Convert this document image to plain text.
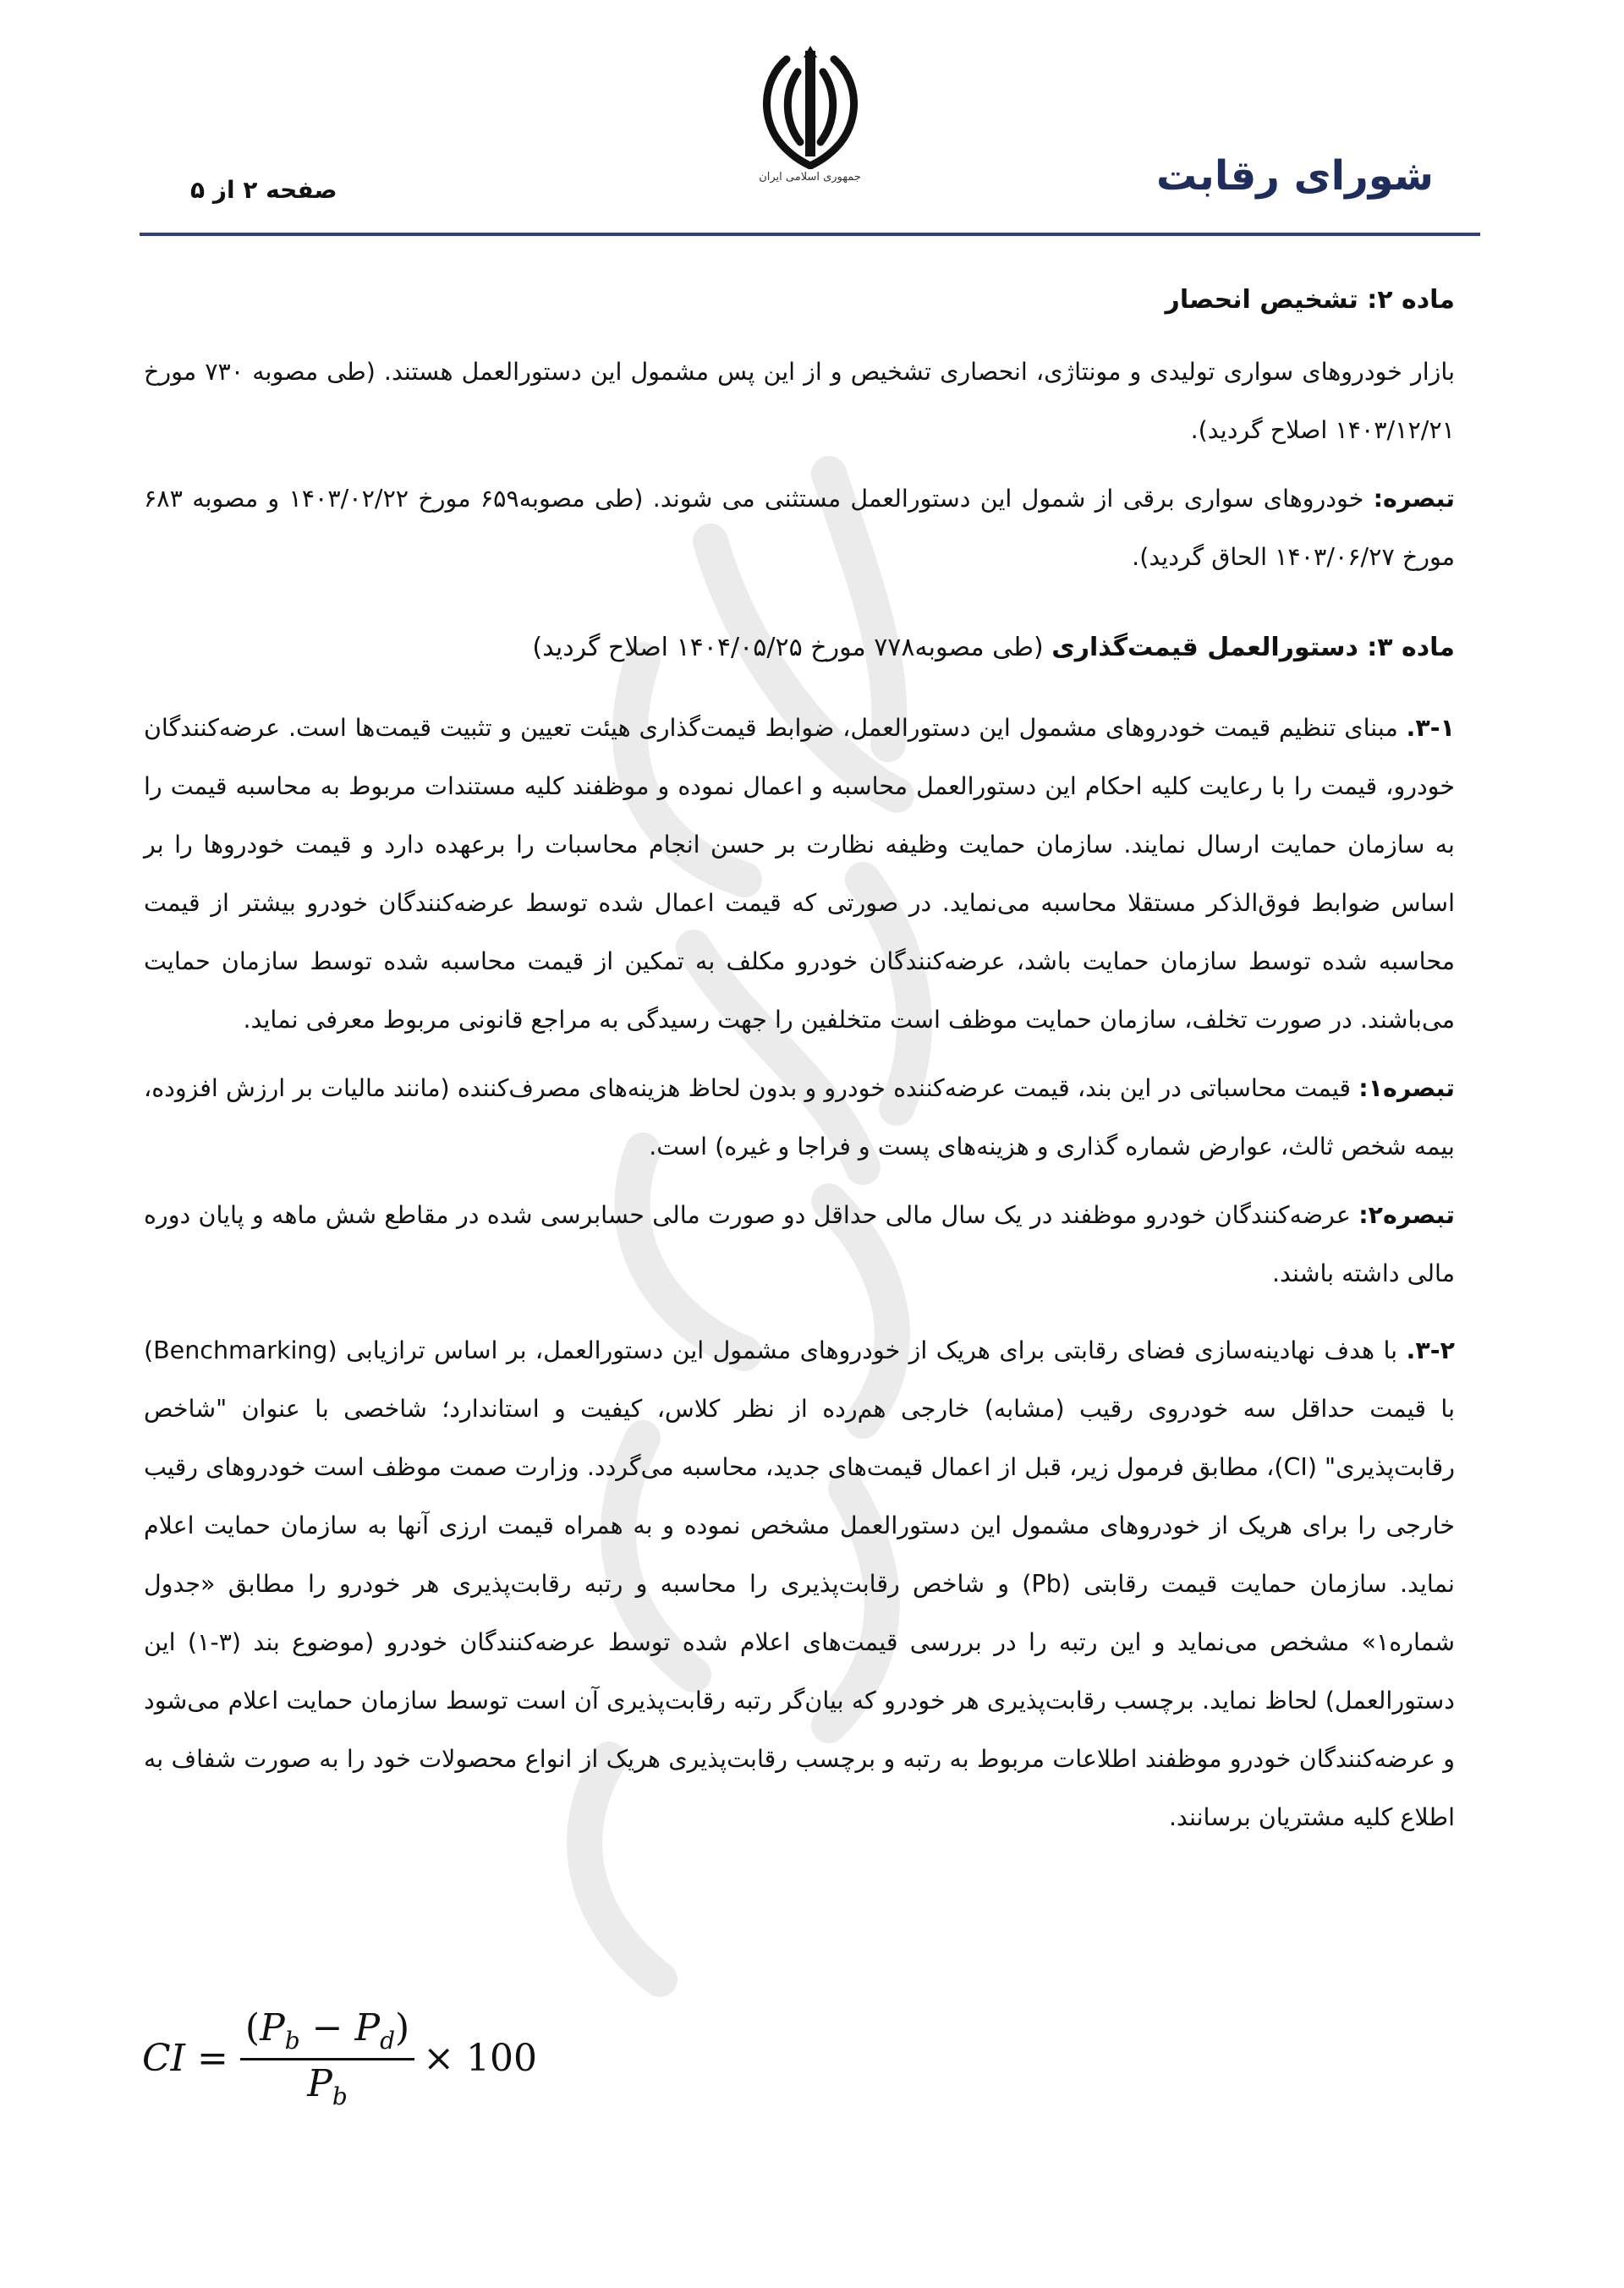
جمهوری اسلامی ایران	شورای رقابت
صفحه ۲ از ۵
ماده ۲: تشخیص انحصار

بازار خودروهای سواری تولیدی و مونتاژی، انحصاری تشخیص و از این پس مشمول این دستورالعمل هستند. (طی مصوبه ۷۳۰ مورخ ۱۴۰۳/۱۲/۲۱ اصلاح گردید).

تبصره: خودروهای سواری برقی از شمول این دستورالعمل مستثنی می شوند. (طی مصوبه۶۵۹ مورخ ۱۴۰۳/۰۲/۲۲ و مصوبه ۶۸۳ مورخ ۱۴۰۳/۰۶/۲۷ الحاق گردید).

ماده ۳: دستورالعمل قیمت‌گذاری (طی مصوبه۷۷۸ مورخ ۱۴۰۴/۰۵/۲۵ اصلاح گردید)

۳-۱. مبنای تنظیم قیمت خودروهای مشمول این دستورالعمل، ضوابط قیمت‌گذاری هیئت تعیین و تثبیت قیمت‌ها است. عرضه‌کنندگان خودرو، قیمت را با رعایت کلیه احکام این دستورالعمل محاسبه و اعمال نموده و موظفند کلیه مستندات مربوط به محاسبه قیمت را به سازمان حمایت ارسال نمایند. سازمان حمایت وظیفه نظارت بر حسن انجام محاسبات را برعهده دارد و قیمت خودروها را بر اساس ضوابط فوق‌الذکر مستقلا محاسبه می‌نماید. در صورتی که قیمت اعمال شده توسط عرضه‌کنندگان خودرو بیشتر از قیمت محاسبه شده توسط سازمان حمایت باشد، عرضه‌کنندگان خودرو مکلف به تمکین از قیمت محاسبه شده توسط سازمان حمایت می‌باشند. در صورت تخلف، سازمان حمایت موظف است متخلفین را جهت رسیدگی به مراجع قانونی مربوط معرفی نماید.

تبصره۱: قیمت محاسباتی در این بند، قیمت عرضه‌کننده خودرو و بدون لحاظ هزینه‌های مصرف‌کننده (مانند مالیات بر ارزش افزوده، بیمه شخص ثالث، عوارض شماره گذاری و هزینه‌های پست و فراجا و غیره) است.

تبصره۲: عرضه‌کنندگان خودرو موظفند در یک سال مالی حداقل دو صورت مالی حسابرسی شده در مقاطع شش ماهه و پایان دوره مالی داشته باشند.

۳-۲. با هدف نهادینه‌سازی فضای رقابتی برای هریک از خودروهای مشمول این دستورالعمل، بر اساس ترازیابی (Benchmarking) با قیمت حداقل سه خودروی رقیب (مشابه) خارجی هم‌رده از نظر کلاس، کیفیت و استاندارد؛ شاخصی با عنوان "شاخص رقابت‌پذیری" (CI)، مطابق فرمول زیر، قبل از اعمال قیمت‌های جدید، محاسبه می‌گردد. وزارت صمت موظف است خودروهای رقیب خارجی را برای هریک از خودروهای مشمول این دستورالعمل مشخص نموده و به همراه قیمت ارزی آنها به سازمان حمایت اعلام نماید. سازمان حمایت قیمت رقابتی (Pb) و شاخص رقابت‌پذیری را محاسبه و رتبه رقابت‌پذیری هر خودرو را مطابق «جدول شماره۱» مشخص می‌نماید و این رتبه را در بررسی قیمت‌های اعلام شده توسط عرضه‌کنندگان خودرو (موضوع بند (۳-۱) این دستورالعمل) لحاظ نماید. برچسب رقابت‌پذیری هر خودرو که بیان‌گر رتبه رقابت‌پذیری آن است توسط سازمان حمایت اعلام می‌شود و عرضه‌کنندگان خودرو موظفند اطلاعات مربوط به رتبه و برچسب رقابت‌پذیری هریک از انواع محصولات خود را به صورت شفاف به اطلاع کلیه مشتریان برسانند.

CI = $\frac{(P_b - P_d)}{P_b} \times 100$
